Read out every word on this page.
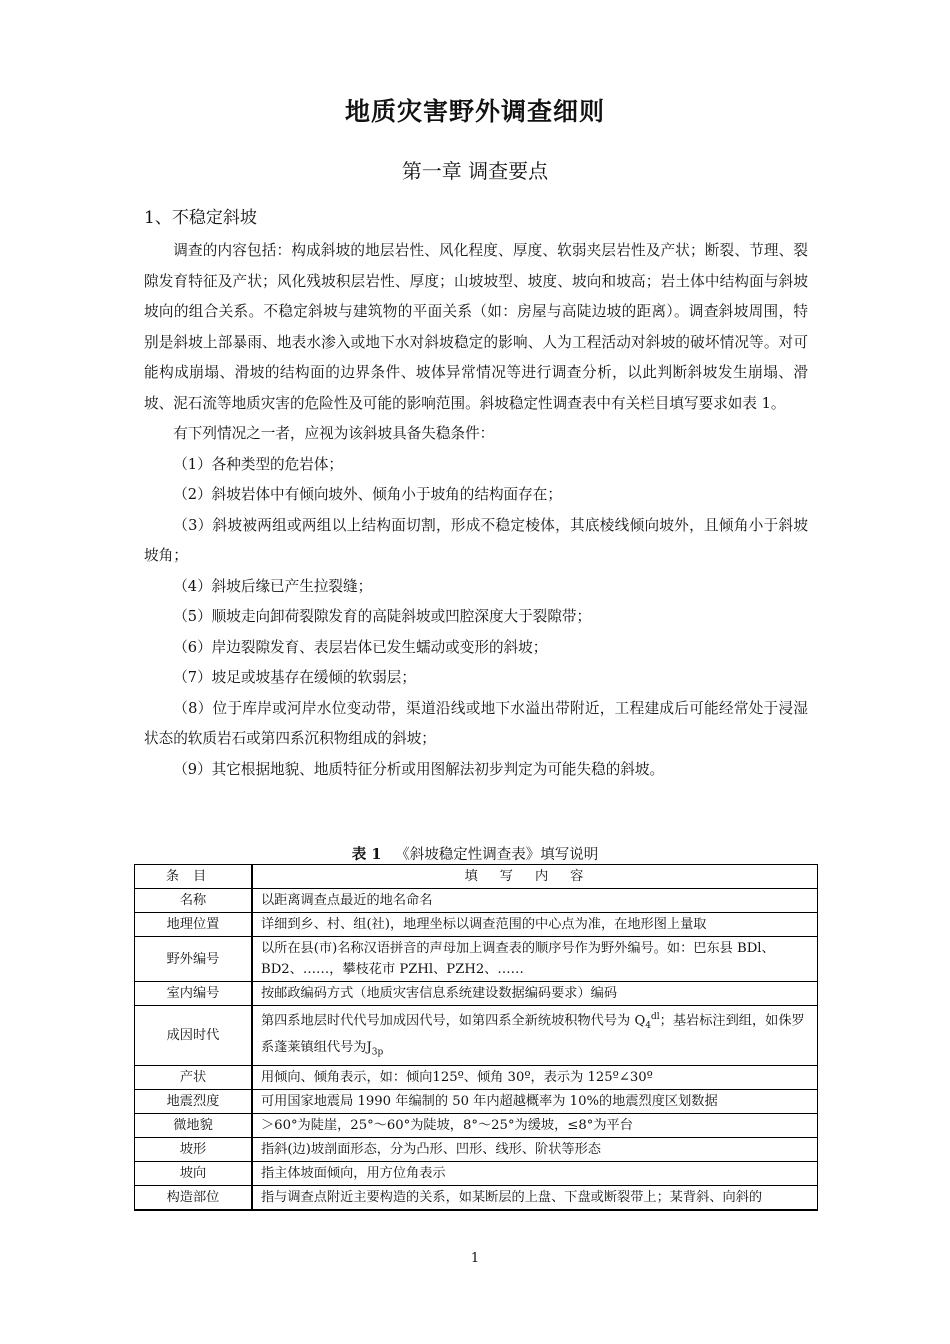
地质灾害野外调查细则
第一章 调查要点
1、不稳定斜坡

调查的内容包括：构成斜坡的地层岩性、风化程度、厚度、软弱夹层岩性及产状；断裂、节理、裂隙发育特征及产状；风化残坡积层岩性、厚度；山坡坡型、坡度、坡向和坡高；岩土体中结构面与斜坡坡向的组合关系。不稳定斜坡与建筑物的平面关系（如：房屋与高陡边坡的距离）。调查斜坡周围，特别是斜坡上部暴雨、地表水渗入或地下水对斜坡稳定的影响、人为工程活动对斜坡的破坏情况等。对可能构成崩塌、滑坡的结构面的边界条件、坡体异常情况等进行调查分析，以此判断斜坡发生崩塌、滑坡、泥石流等地质灾害的危险性及可能的影响范围。斜坡稳定性调查表中有关栏目填写要求如表 1。

有下列情况之一者，应视为该斜坡具备失稳条件：

（1）各种类型的危岩体；

（2）斜坡岩体中有倾向坡外、倾角小于坡角的结构面存在；

（3）斜坡被两组或两组以上结构面切割，形成不稳定棱体，其底棱线倾向坡外，且倾角小于斜坡坡角；

（4）斜坡后缘已产生拉裂缝；

（5）顺坡走向卸荷裂隙发育的高陡斜坡或凹腔深度大于裂隙带；

（6）岸边裂隙发育、表层岩体已发生蠕动或变形的斜坡；

（7）坡足或坡基存在缓倾的软弱层；

（8）位于库岸或河岸水位变动带，渠道沿线或地下水溢出带附近，工程建成后可能经常处于浸湿状态的软质岩石或第四系沉积物组成的斜坡；

（9）其它根据地貌、地质特征分析或用图解法初步判定为可能失稳的斜坡。

表 1 《斜坡稳定性调查表》填写说明
条目	填写内容
名称	以距离调查点最近的地名命名
地理位置	详细到乡、村、组(社)，地理坐标以调查范围的中心点为准，在地形图上量取
野外编号	以所在县(市)名称汉语拼音的声母加上调查表的顺序号作为野外编号。如：巴东县 BDl、BD2、……，攀枝花市 PZHl、PZH2、……
室内编号	按邮政编码方式（地质灾害信息系统建设数据编码要求）编码
成因时代	第四系地层时代代号加成因代号，如第四系全新统坡积物代号为 $Q_4^{dl}$；基岩标注到组，如侏罗系蓬莱镇组代号为$J_{3p}$
产状	用倾向、倾角表示，如：倾向125º、倾角 30º，表示为 125º∠30º
地震烈度	可用国家地震局 1990 年编制的 50 年内超越概率为 10%的地震烈度区划数据
微地貌	＞60°为陡崖，25°～60°为陡坡，8°～25°为缓坡，≤8°为平台
坡形	指斜(边)坡剖面形态，分为凸形、凹形、线形、阶状等形态
坡向	指主体坡面倾向，用方位角表示
构造部位	指与调查点附近主要构造的关系，如某断层的上盘、下盘或断裂带上；某背斜、向斜的
1
